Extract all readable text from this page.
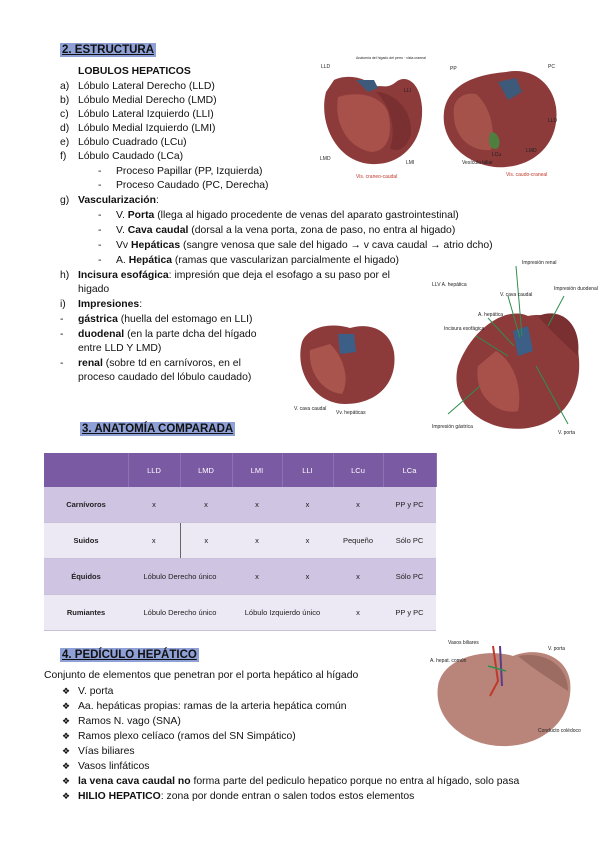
2. ESTRUCTURA
LOBULOS HEPATICOS
a) Lóbulo Lateral Derecho (LLD)
b) Lóbulo Medial Derecho (LMD)
c) Lóbulo Lateral Izquierdo (LLI)
d) Lóbulo Medial Izquierdo (LMI)
e) Lóbulo Cuadrado (LCu)
f) Lóbulo Caudado (LCa)
- Proceso Papillar (PP, Izquierda)
- Proceso Caudado (PC, Derecha)
g) Vascularización:
- V. Porta (llega al higado procedente de venas del aparato gastrointestinal)
- V. Cava caudal (dorsal a la vena porta, zona de paso, no entra al higado)
- Vv Hepáticas (sangre venosa que sale del higado → v cava caudal → atrio dcho)
- A. Hepática (ramas que vascularizan parcialmente el higado)
h) Incisura esofágica: impresión que deja el esofago a su paso por el
higado
i) Impresiones:
- gástrica (huella del estomago en LLI)
- duodenal (en la parte dcha del hígado
entre LLD Y LMD)
- renal (sobre td en carnívoros, en el
proceso caudado del lóbulo caudado)
Anatomía del hígado del perro · vista craneal
LLD
LLI
LMD
LMI
Vis. craneo-caudal
PP	PC
LLD
LMD
LCu
Vesícula biliar
Vis. caudo-craneal
V. cava caudal
Vv. hepáticas
Impresión renal
Impresión duodenal
A. hepática
Incisura esofágica
V. cava caudal
Impresión gástrica
V. porta
LLV A. hepática
3. ANATOMÍA COMPARADA
	LLD	LMD	LMI	LLI	LCu	LCa
Carnívoros	x	x	x	x	x	PP y PC
Suidos	x	x	x	x	Pequeño	Sólo PC
Équidos	Lóbulo Derecho único		x	x	x	Sólo PC
Rumiantes	Lóbulo Derecho único		Lóbulo Izquierdo único		x	PP y PC
4. PEDÍCULO HEPÁTICO
Conjunto de elementos que penetran por el porta hepático al hígado
❖ V. porta
❖ Aa. hepáticas propias: ramas de la arteria hepática común
❖ Ramos N. vago (SNA)
❖ Ramos plexo celíaco (ramos del SN Simpático)
❖ Vías biliares
❖ Vasos linfáticos
❖ la vena cava caudal no forma parte del pediculo hepatico porque no entra al hígado, solo pasa
❖ HILIO HEPATICO: zona por donde entran o salen todos estos elementos
Vasos biliares
A. hepat. común
V. porta
Conducto colédoco
